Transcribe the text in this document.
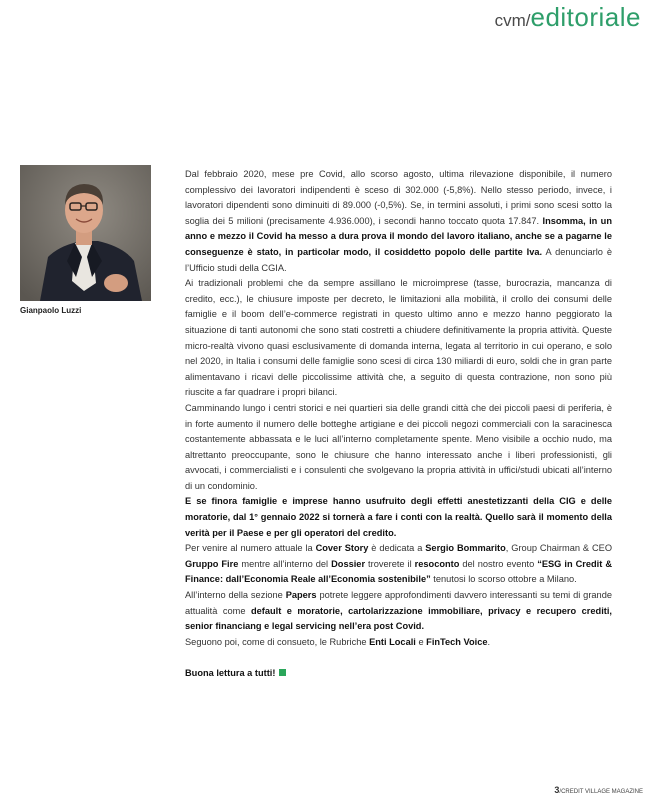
cvm/editoriale
Gianpaolo Luzzi

Dal febbraio 2020, mese pre Covid, allo scorso agosto, ultima rilevazione disponibile, il numero complessivo dei lavoratori indipendenti è sceso di 302.000 (-5,8%). Nello stesso periodo, invece, i lavoratori dipendenti sono diminuiti di 89.000 (-0,5%). Se, in termini assoluti, i primi sono scesi sotto la soglia dei 5 milioni (precisamente 4.936.000), i secondi hanno toccato quota 17.847. Insomma, in un anno e mezzo il Covid ha messo a dura prova il mondo del lavoro italiano, anche se a pagarne le conseguenze è stato, in particolar modo, il cosiddetto popolo delle partite Iva. A denunciarlo è l’Ufficio studi della CGIA.

Ai tradizionali problemi che da sempre assillano le microimprese (tasse, burocrazia, mancanza di credito, ecc.), le chiusure imposte per decreto, le limitazioni alla mobilità, il crollo dei consumi delle famiglie e il boom dell’e-commerce registrati in questo ultimo anno e mezzo hanno peggiorato la situazione di tanti autonomi che sono stati costretti a chiudere definitivamente la propria attività. Queste micro-realtà vivono quasi esclusivamente di domanda interna, legata al territorio in cui operano, e solo nel 2020, in Italia i consumi delle famiglie sono scesi di circa 130 miliardi di euro, soldi che in gran parte alimentavano i ricavi delle piccolissime attività che, a seguito di questa contrazione, non sono più riuscite a far quadrare i propri bilanci.

Camminando lungo i centri storici e nei quartieri sia delle grandi città che dei piccoli paesi di periferia, è in forte aumento il numero delle botteghe artigiane e dei piccoli negozi commerciali con la saracinesca costantemente abbassata e le luci all’interno completamente spente. Meno visibile a occhio nudo, ma altrettanto preoccupante, sono le chiusure che hanno interessato anche i liberi professionisti, gli avvocati, i commercialisti e i consulenti che svolgevano la propria attività in uffici/studi ubicati all’interno di un condominio.

E se finora famiglie e imprese hanno usufruito degli effetti anestetizzanti della CIG e delle moratorie, dal 1° gennaio 2022 si tornerà a fare i conti con la realtà. Quello sarà il momento della verità per il Paese e per gli operatori del credito.

Per venire al numero attuale la Cover Story è dedicata a Sergio Bommarito, Group Chairman & CEO Gruppo Fire mentre all’interno del Dossier troverete il resoconto del nostro evento “ESG in Credit & Finance: dall’Economia Reale all’Economia sostenibile” tenutosi lo scorso ottobre a Milano.

All’interno della sezione Papers potrete leggere approfondimenti davvero interessanti su temi di grande attualità come default e moratorie, cartolarizzazione immobiliare, privacy e recupero crediti, senior financiang e legal servicing nell’era post Covid.

Seguono poi, come di consueto, le Rubriche Enti Locali e FinTech Voice.

Buona lettura a tutti!

3/CREDIT VILLAGE MAGAZINE
